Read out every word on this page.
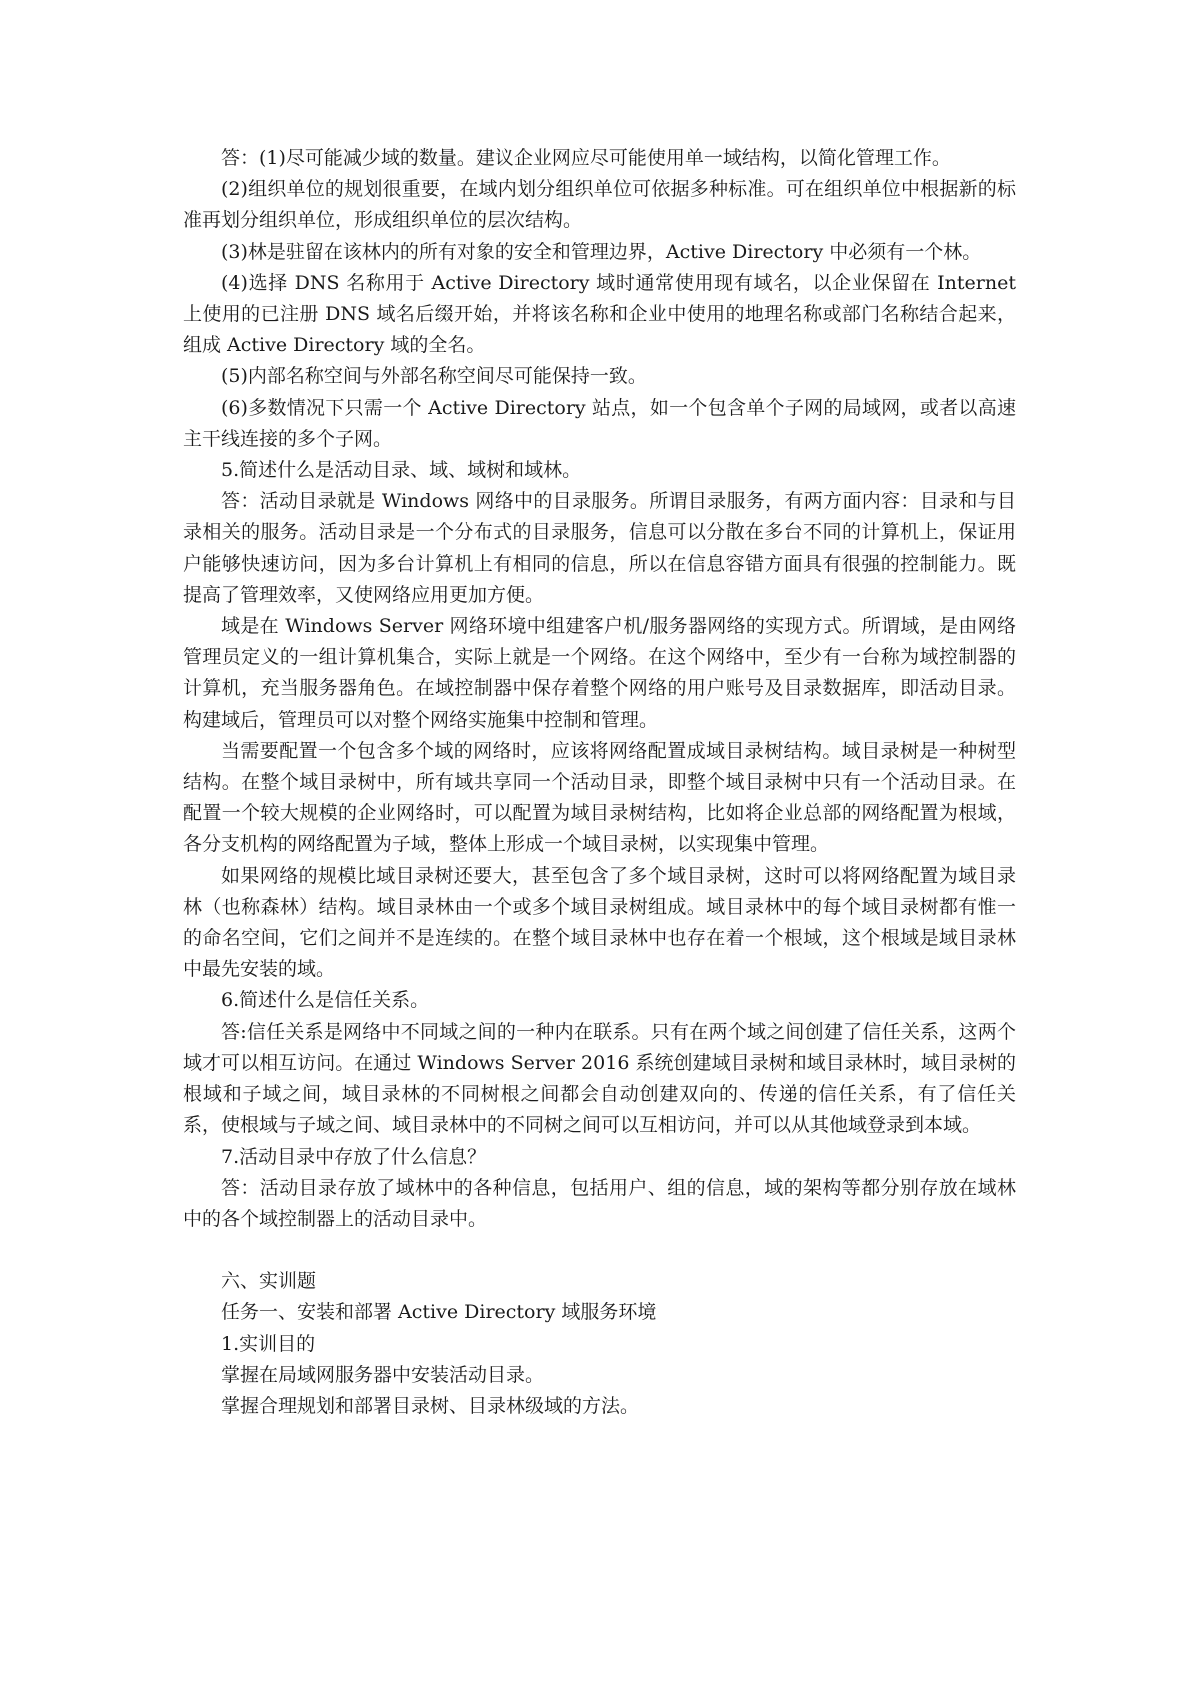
答：(1)尽可能减少域的数量。建议企业网应尽可能使用单一域结构，以简化管理工作。

(2)组织单位的规划很重要，在域内划分组织单位可依据多种标准。可在组织单位中根据新的标准再划分组织单位，形成组织单位的层次结构。

(3)林是驻留在该林内的所有对象的安全和管理边界，Active Directory 中必须有一个林。

(4)选择 DNS 名称用于 Active Directory 域时通常使用现有域名，以企业保留在 Internet 上使用的已注册 DNS 域名后缀开始，并将该名称和企业中使用的地理名称或部门名称结合起来，组成 Active Directory 域的全名。

(5)内部名称空间与外部名称空间尽可能保持一致。

(6)多数情况下只需一个 Active Directory 站点，如一个包含单个子网的局域网，或者以高速主干线连接的多个子网。

5.简述什么是活动目录、域、域树和域林。

答：活动目录就是 Windows 网络中的目录服务。所谓目录服务，有两方面内容：目录和与目录相关的服务。活动目录是一个分布式的目录服务，信息可以分散在多台不同的计算机上，保证用户能够快速访问，因为多台计算机上有相同的信息，所以在信息容错方面具有很强的控制能力。既提高了管理效率，又使网络应用更加方便。

域是在 Windows Server 网络环境中组建客户机/服务器网络的实现方式。所谓域，是由网络管理员定义的一组计算机集合，实际上就是一个网络。在这个网络中，至少有一台称为域控制器的计算机，充当服务器角色。在域控制器中保存着整个网络的用户账号及目录数据库，即活动目录。构建域后，管理员可以对整个网络实施集中控制和管理。

当需要配置一个包含多个域的网络时，应该将网络配置成域目录树结构。域目录树是一种树型结构。在整个域目录树中，所有域共享同一个活动目录，即整个域目录树中只有一个活动目录。在配置一个较大规模的企业网络时，可以配置为域目录树结构，比如将企业总部的网络配置为根域，各分支机构的网络配置为子域，整体上形成一个域目录树，以实现集中管理。

如果网络的规模比域目录树还要大，甚至包含了多个域目录树，这时可以将网络配置为域目录林（也称森林）结构。域目录林由一个或多个域目录树组成。域目录林中的每个域目录树都有惟一的命名空间，它们之间并不是连续的。在整个域目录林中也存在着一个根域，这个根域是域目录林中最先安装的域。

6.简述什么是信任关系。

答:信任关系是网络中不同域之间的一种内在联系。只有在两个域之间创建了信任关系，这两个域才可以相互访问。在通过 Windows Server 2016 系统创建域目录树和域目录林时，域目录树的根域和子域之间，域目录林的不同树根之间都会自动创建双向的、传递的信任关系，有了信任关系，使根域与子域之间、域目录林中的不同树之间可以互相访问，并可以从其他域登录到本域。

7.活动目录中存放了什么信息？

答：活动目录存放了域林中的各种信息，包括用户、组的信息，域的架构等都分别存放在域林中的各个域控制器上的活动目录中。

六、实训题

任务一、安装和部署 Active Directory 域服务环境

1.实训目的

掌握在局域网服务器中安装活动目录。

掌握合理规划和部署目录树、目录林级域的方法。
